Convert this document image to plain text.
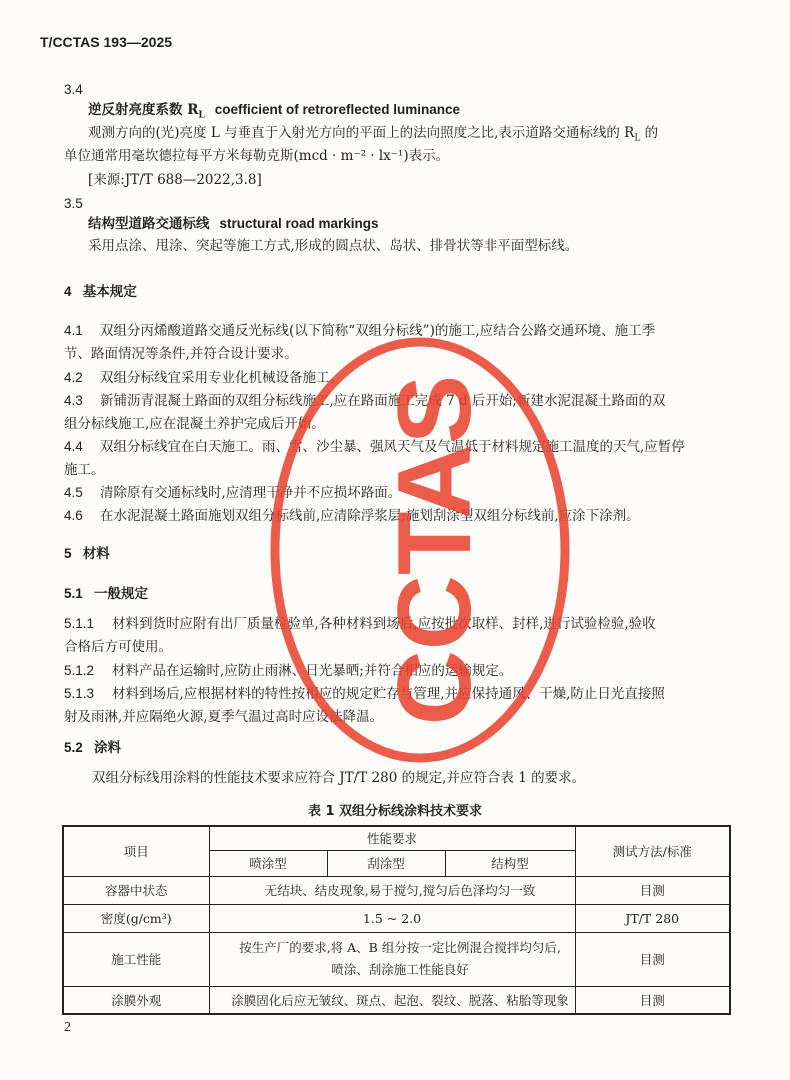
T/CCTAS 193—2025
3.4
逆反射亮度系数 $R_L$ coefficient of retroreflected luminance
观测方向的(光)亮度 L 与垂直于入射光方向的平面上的法向照度之比,表示道路交通标线的 $R_L$ 的
单位通常用毫坎德拉每平方米每勒克斯(mcd · m⁻² · lx⁻¹)表示。
[来源:JT/T 688—2022,3.8]
3.5
结构型道路交通标线 structural road markings
采用点涂、甩涂、突起等施工方式,形成的圆点状、岛状、排骨状等非平面型标线。
4   基本规定
4.1 双组分丙烯酸道路交通反光标线(以下简称“双组分标线”)的施工,应结合公路交通环境、施工季
节、路面情况等条件,并符合设计要求。
4.2 双组分标线宜采用专业化机械设备施工。
4.3 新铺沥青混凝土路面的双组分标线施工,应在路面施工完成 7 d 后开始;新建水泥混凝土路面的双
组分标线施工,应在混凝土养护完成后开始。
4.4 双组分标线宜在白天施工。雨、雪、沙尘暴、强风天气及气温低于材料规定施工温度的天气,应暂停
施工。
4.5 清除原有交通标线时,应清理干净并不应损坏路面。
4.6 在水泥混凝土路面施划双组分标线前,应清除浮浆层;施划刮涂型双组分标线前,应涂下涂剂。
5   材料
5.1   一般规定
5.1.1 材料到货时应附有出厂质量检验单,各种材料到场后,应按批次取样、封样,进行试验检验,验收
合格后方可使用。
5.1.2 材料产品在运输时,应防止雨淋、日光暴晒;并符合相应的运输规定。
5.1.3 材料到场后,应根据材料的特性按相应的规定贮存与管理,并应保持通风、干燥,防止日光直接照
射及雨淋,并应隔绝火源,夏季气温过高时应设法降温。
5.2   涂料
双组分标线用涂料的性能技术要求应符合 JT/T 280 的规定,并应符合表 1 的要求。
表 1 双组分标线涂料技术要求
项目	性能要求			测试方法/标准
	喷涂型	刮涂型	结构型	
容器中状态	无结块、结皮现象,易于搅匀,搅匀后色泽均匀一致			目测
密度(g/cm³)	1.5 ~ 2.0			JT/T 280
施工性能	按生产厂的要求,将 A、B 组分按一定比例混合搅拌均匀后,
喷涂、刮涂施工性能良好			目测
涂膜外观	涂膜固化后应无皱纹、斑点、起泡、裂纹、脱落、粘胎等现象			目测
2
CCTAS
